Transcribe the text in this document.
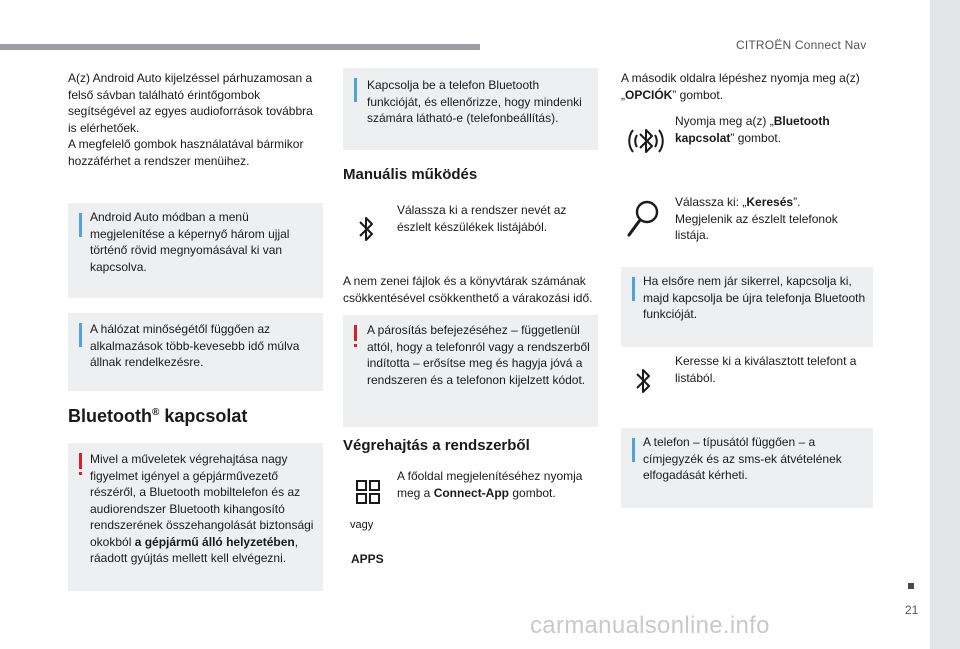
CITROËN Connect Nav
21
A(z) Android Auto kijelzéssel párhuzamosan a felső sávban található érintőgombok segítségével az egyes audioforrások továbbra is elérhetőek.
A megfelelő gombok használatával bármikor hozzáférhet a rendszer menüihez.
Android Auto módban a menü megjelenítése a képernyő három ujjal történő rövid megnyomásával ki van kapcsolva.
A hálózat minőségétől függően az alkalmazások több-kevesebb idő múlva állnak rendelkezésre.
Bluetooth® kapcsolat
Mivel a műveletek végrehajtása nagy figyelmet igényel a gépjárművezető részéről, a Bluetooth mobiltelefon és az audiorendszer Bluetooth kihangosító rendszerének összehangolását biztonsági okokból a gépjármű álló helyzetében, ráadott gyújtás mellett kell elvégezni.
Kapcsolja be a telefon Bluetooth funkcióját, és ellenőrizze, hogy mindenki számára látható-e (telefonbeállítás).
Manuális működés
Válassza ki a rendszer nevét az észlelt készülékek listájából.
A nem zenei fájlok és a könyvtárak számának csökkentésével csökkenthető a várakozási idő.
A párosítás befejezéséhez – függetlenül attól, hogy a telefonról vagy a rendszerből indította – erősítse meg és hagyja jóvá a rendszeren és a telefonon kijelzett kódot.
Végrehajtás a rendszerből
vagy
APPS
A főoldal megjelenítéséhez nyomja meg a Connect-App gombot.
A második oldalra lépéshez nyomja meg a(z) „OPCIÓK” gombot.
Nyomja meg a(z) „Bluetooth kapcsolat” gombot.
Válassza ki: „Keresés”.
Megjelenik az észlelt telefonok listája.
Ha elsőre nem jár sikerrel, kapcsolja ki, majd kapcsolja be újra telefonja Bluetooth funkcióját.
Keresse ki a kiválasztott telefont a listából.
A telefon – típusától függően – a címjegyzék és az sms-ek átvételének elfogadását kérheti.
carmanualsonline.info
